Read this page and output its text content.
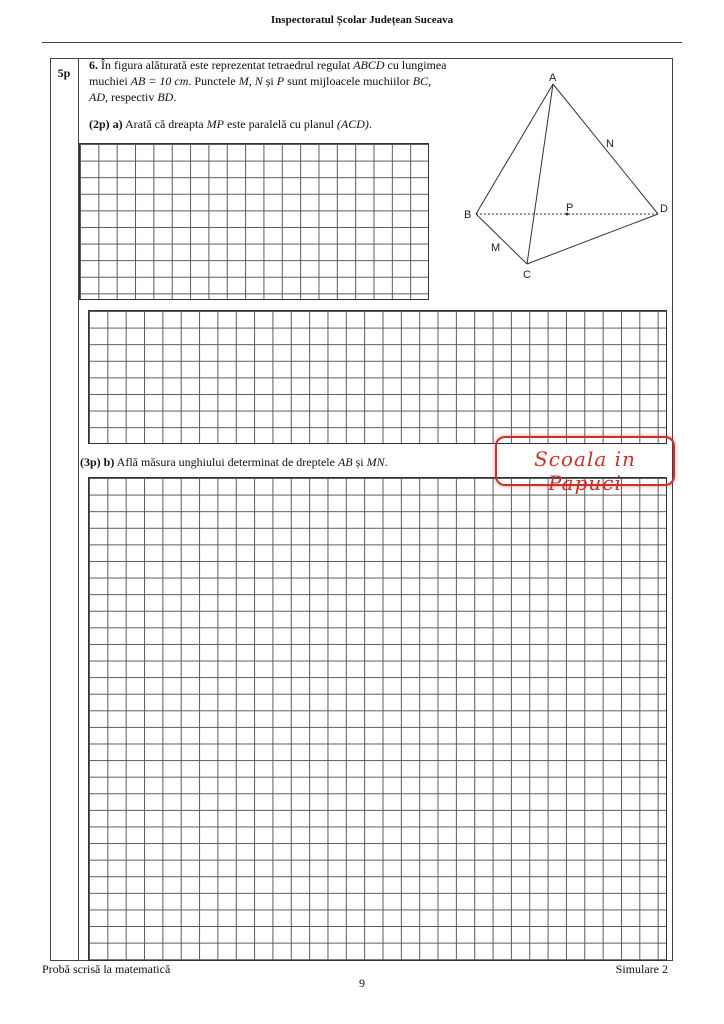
Inspectoratul Școlar Județean Suceava
5p
6. În figura alăturată este reprezentat tetraedrul regulat ABCD cu lungimea muchiei AB = 10 cm. Punctele M, N și P sunt mijloacele muchiilor BC, AD, respectiv BD.
(2p) a) Arată că dreapta MP este paralelă cu planul (ACD).
(3p) b) Află măsura unghiului determinat de dreptele AB și MN.	Scoala in Papuci
A
B
C
D
M
N
P
Probă scrisă la matematică	Simulare 2
9
